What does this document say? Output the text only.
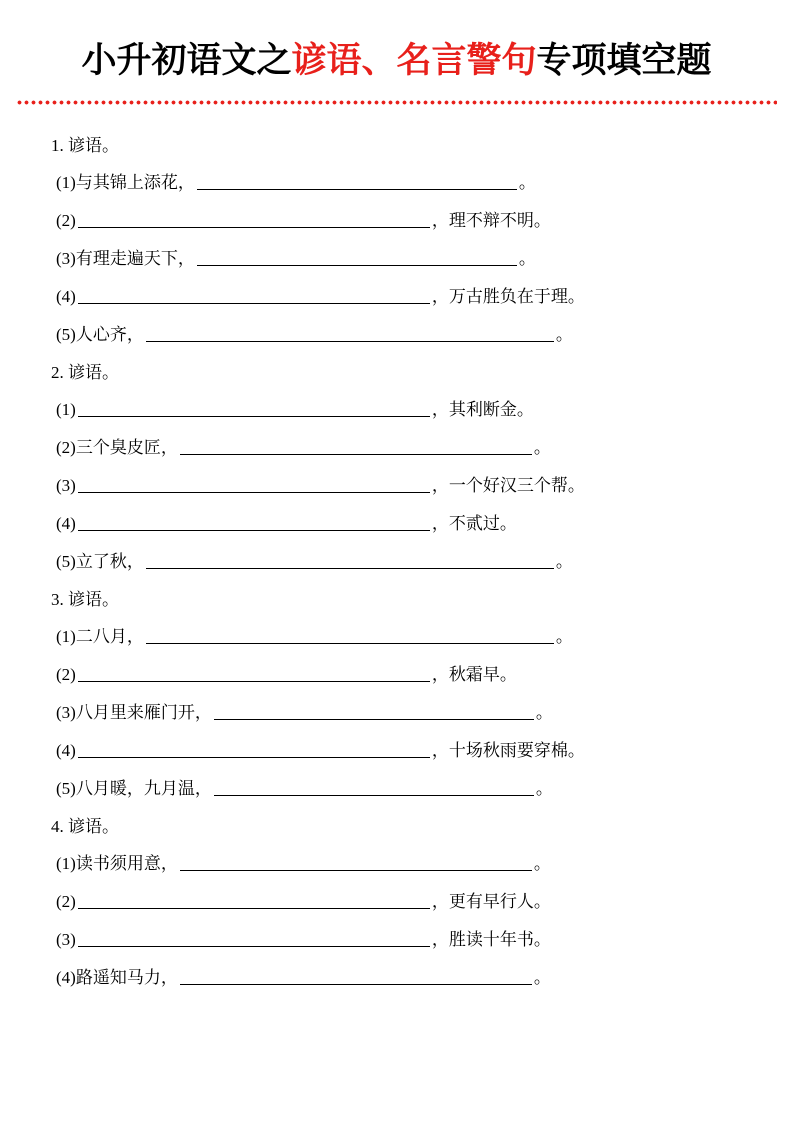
小升初语文之谚语、名言警句专项填空题
1. 谚语。
(1) 与其锦上添花，	。
(2)	，理不辩不明。
(3) 有理走遍天下，	。
(4)	，万古胜负在于理。
(5) 人心齐，	。
2. 谚语。
(1)	，其利断金。
(2) 三个臭皮匠，	。
(3)	，一个好汉三个帮。
(4)	，不贰过。
(5) 立了秋，	。
3. 谚语。
(1) 二八月，	。
(2)	，秋霜早。
(3) 八月里来雁门开，	。
(4)	，十场秋雨要穿棉。
(5) 八月暖，九月温，	。
4. 谚语。
(1) 读书须用意，	。
(2)	，更有早行人。
(3)	，胜读十年书。
(4) 路遥知马力，	。
